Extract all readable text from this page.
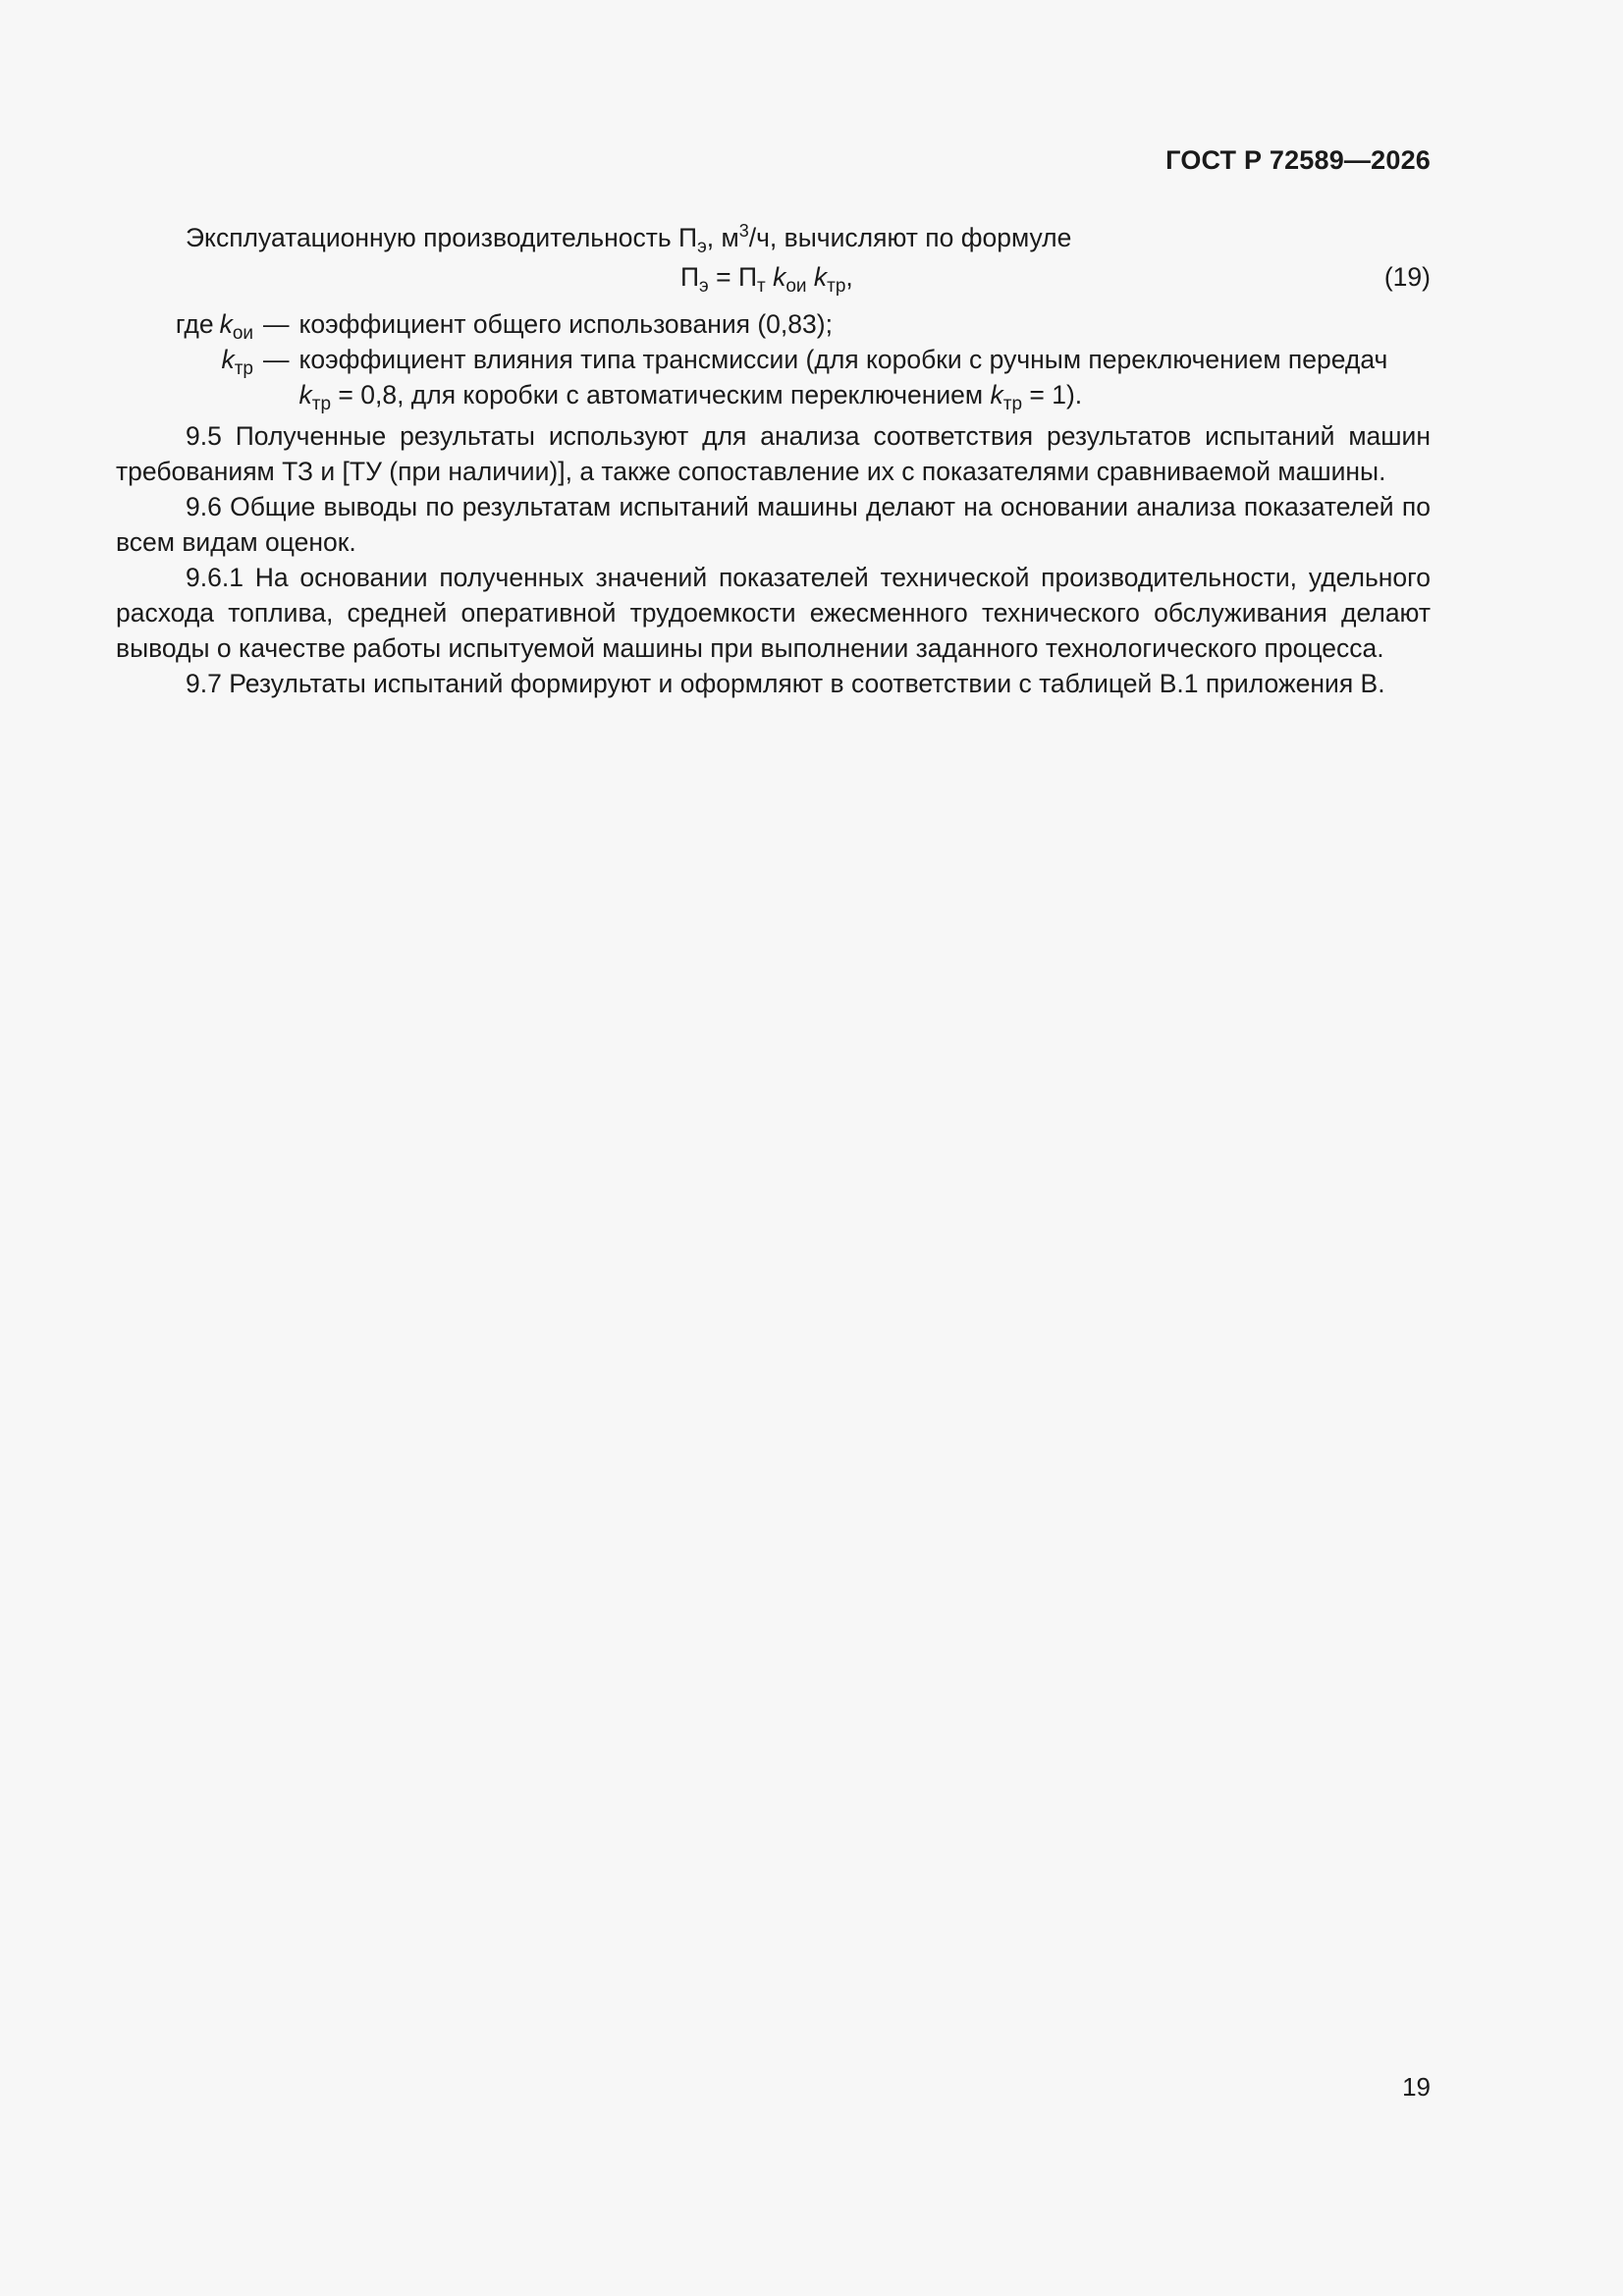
ГОСТ Р 72589—2026

Эксплуатационную производительность $П_э$, $м^3/ч$, вычисляют по формуле

$П_э = П_т$ $k_{ои}$ $k_{тр}$,	(19)
где $k_{ои}$ — коэффициент общего использования (0,83);
$k_{тр}$ — коэффициент влияния типа трансмиссии (для коробки с ручным переключением передач
$k_{тр} = 0,8$, для коробки с автоматическим переключением $k_{тр} = 1$).

9.5 Полученные результаты используют для анализа соответствия результатов испытаний машин требованиям ТЗ и [ТУ (при наличии)], а также сопоставление их с показателями сравниваемой машины.

9.6 Общие выводы по результатам испытаний машины делают на основании анализа показателей по всем видам оценок.

9.6.1 На основании полученных значений показателей технической производительности, удельного расхода топлива, средней оперативной трудоемкости ежесменного технического обслуживания делают выводы о качестве работы испытуемой машины при выполнении заданного технологического процесса.

9.7 Результаты испытаний формируют и оформляют в соответствии с таблицей В.1 приложения В.

19
